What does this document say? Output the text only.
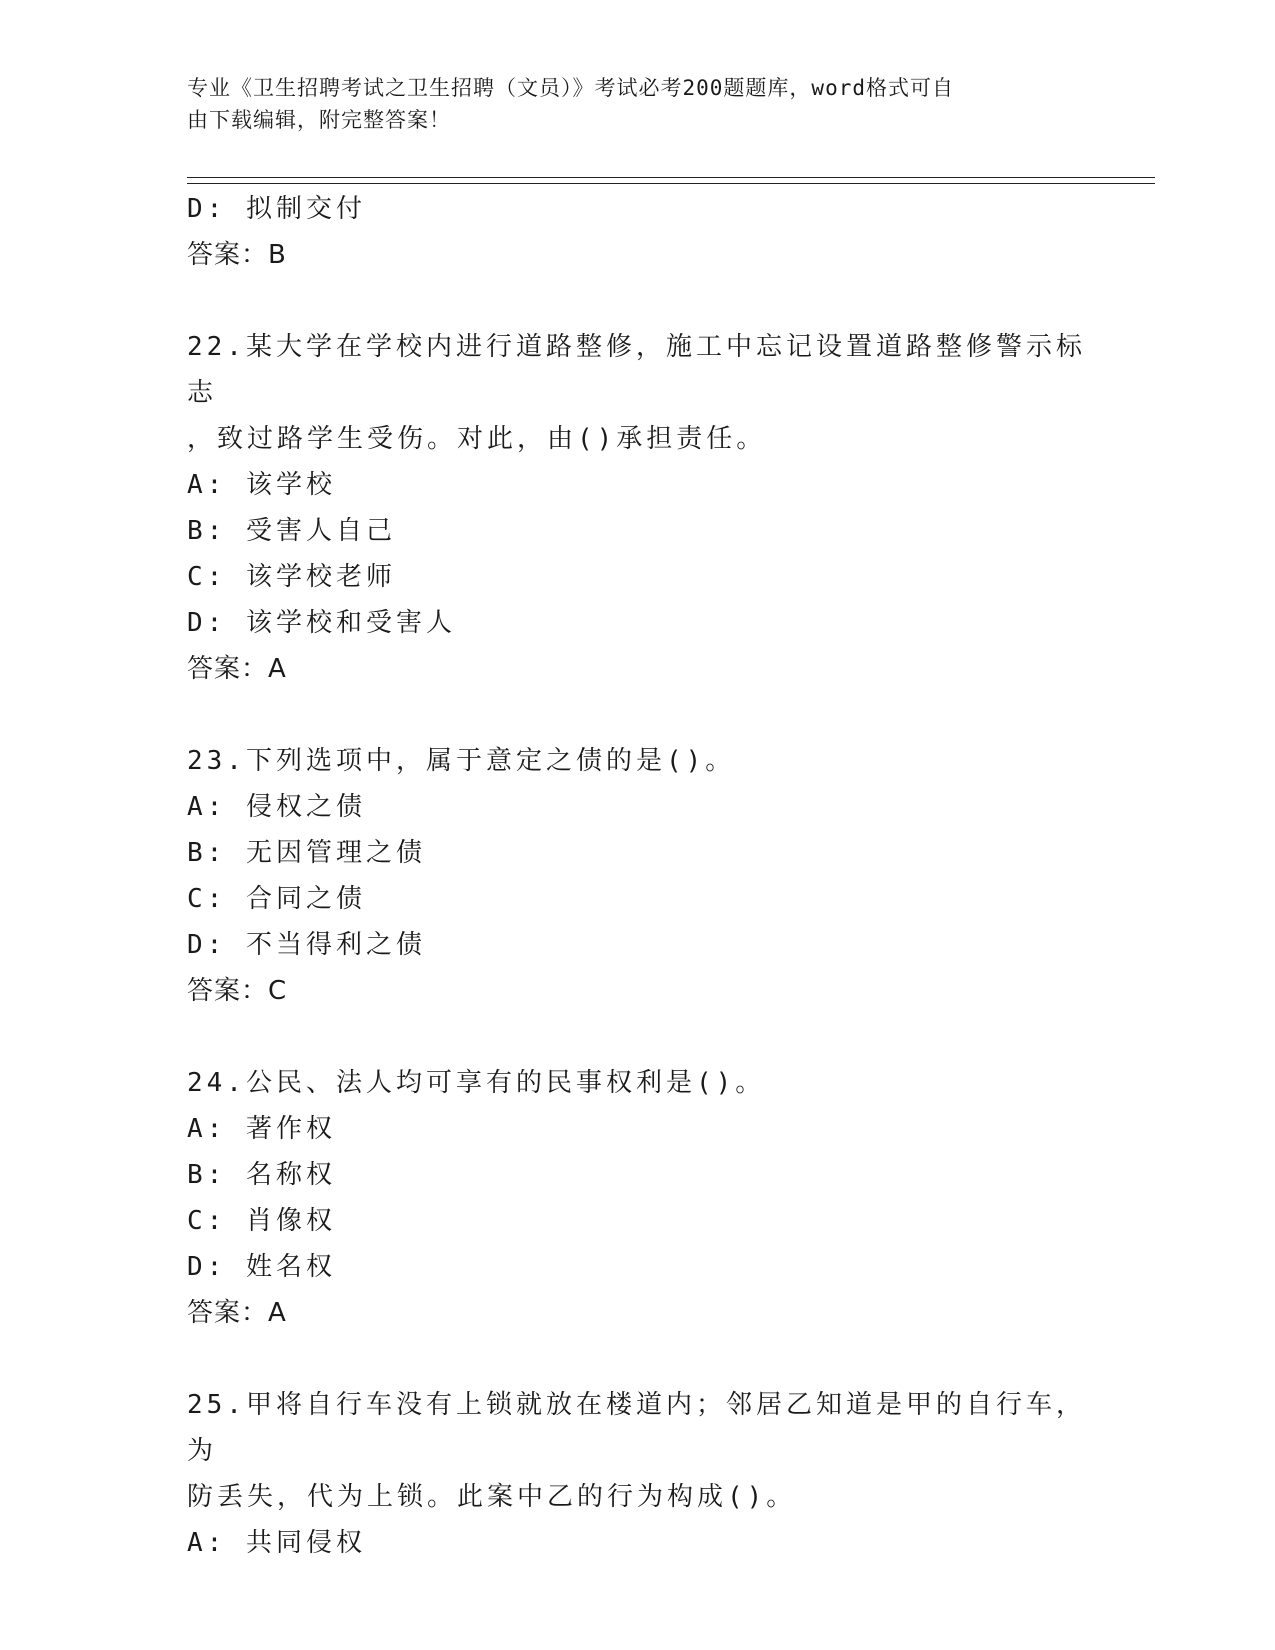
专业《卫生招聘考试之卫生招聘（文员）》考试必考200题题库，word格式可自
由下载编辑，附完整答案！
D: 拟制交付
答案：B
22.某大学在学校内进行道路整修，施工中忘记设置道路整修警示标志
，致过路学生受伤。对此，由()承担责任。
A: 该学校
B: 受害人自己
C: 该学校老师
D: 该学校和受害人
答案：A
23.下列选项中，属于意定之债的是()。
A: 侵权之债
B: 无因管理之债
C: 合同之债
D: 不当得利之债
答案：C
24.公民、法人均可享有的民事权利是()。
A: 著作权
B: 名称权
C: 肖像权
D: 姓名权
答案：A
25.甲将自行车没有上锁就放在楼道内；邻居乙知道是甲的自行车，为
防丢失，代为上锁。此案中乙的行为构成()。
A: 共同侵权
